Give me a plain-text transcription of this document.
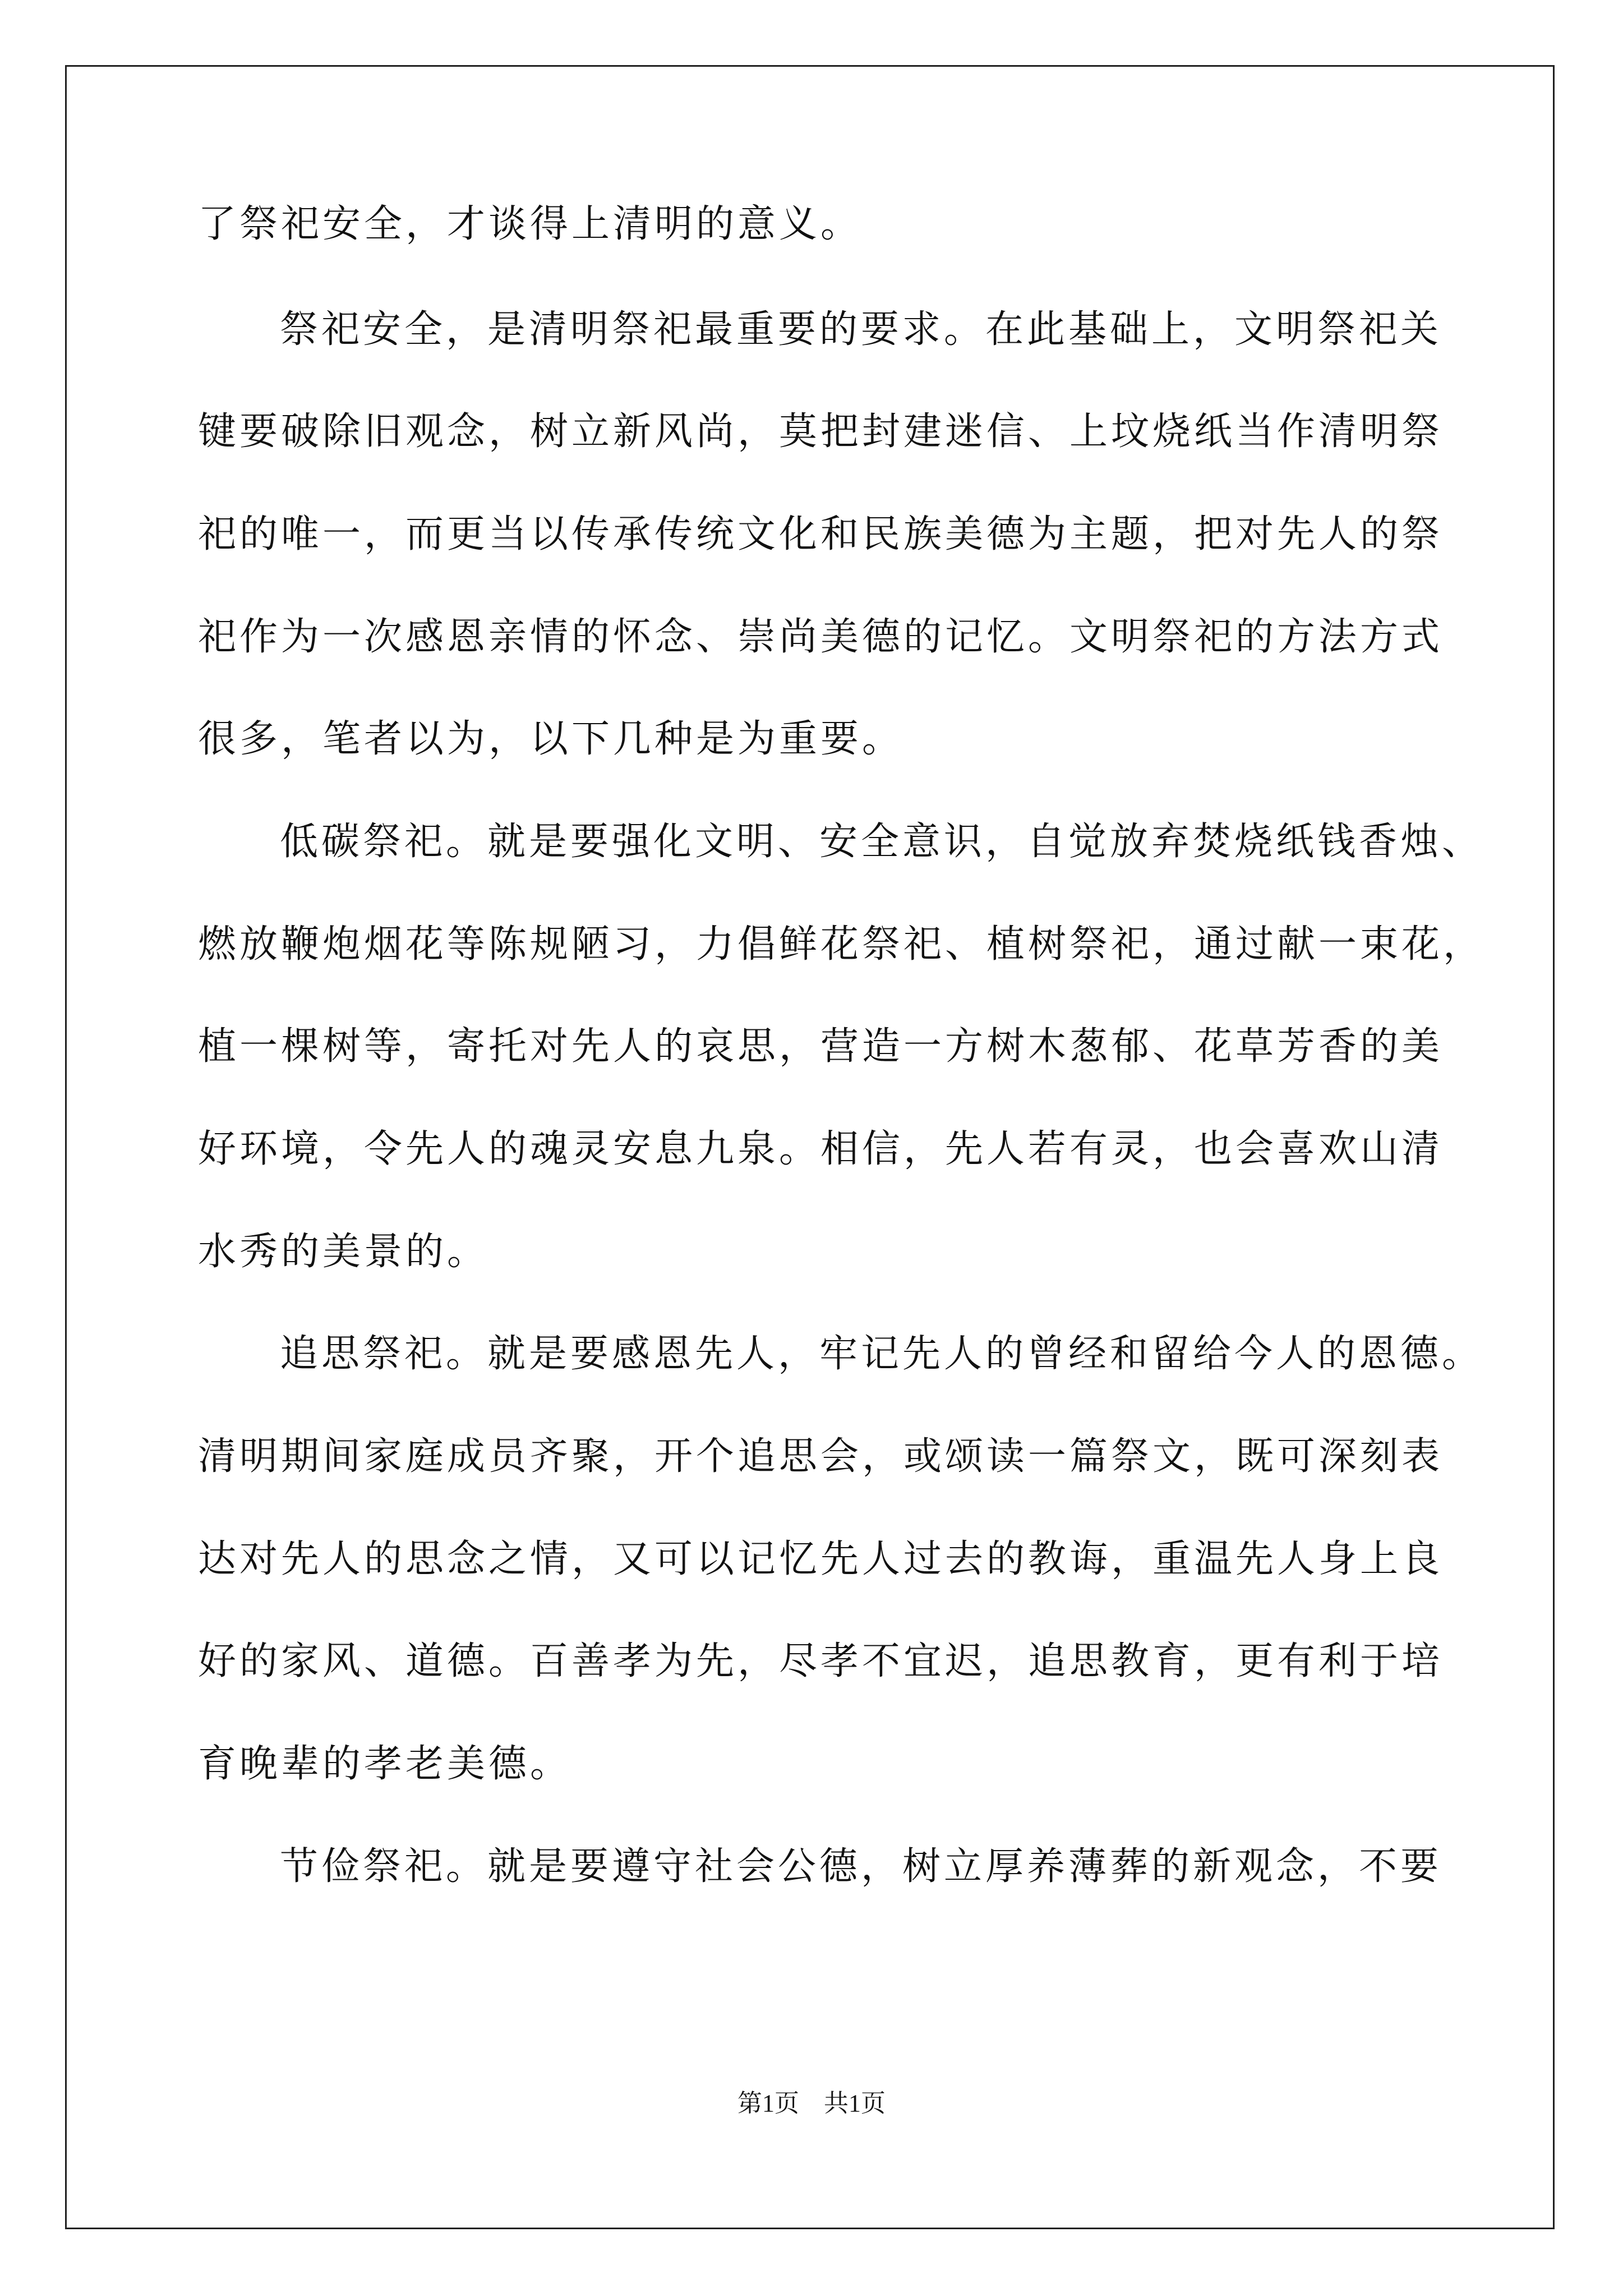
了祭祀安全，才谈得上清明的意义。
祭祀安全，是清明祭祀最重要的要求。在此基础上，文明祭祀关
键要破除旧观念，树立新风尚，莫把封建迷信、上坟烧纸当作清明祭
祀的唯一，而更当以传承传统文化和民族美德为主题，把对先人的祭
祀作为一次感恩亲情的怀念、崇尚美德的记忆。文明祭祀的方法方式
很多，笔者以为，以下几种是为重要。
低碳祭祀。就是要强化文明、安全意识，自觉放弃焚烧纸钱香烛、
燃放鞭炮烟花等陈规陋习，力倡鲜花祭祀、植树祭祀，通过献一束花，
植一棵树等，寄托对先人的哀思，营造一方树木葱郁、花草芳香的美
好环境，令先人的魂灵安息九泉。相信，先人若有灵，也会喜欢山清
水秀的美景的。
追思祭祀。就是要感恩先人，牢记先人的曾经和留给今人的恩德。
清明期间家庭成员齐聚，开个追思会，或颂读一篇祭文，既可深刻表
达对先人的思念之情，又可以记忆先人过去的教诲，重温先人身上良
好的家风、道德。百善孝为先，尽孝不宜迟，追思教育，更有利于培
育晚辈的孝老美德。
节俭祭祀。就是要遵守社会公德，树立厚养薄葬的新观念，不要
第1页　共1页
